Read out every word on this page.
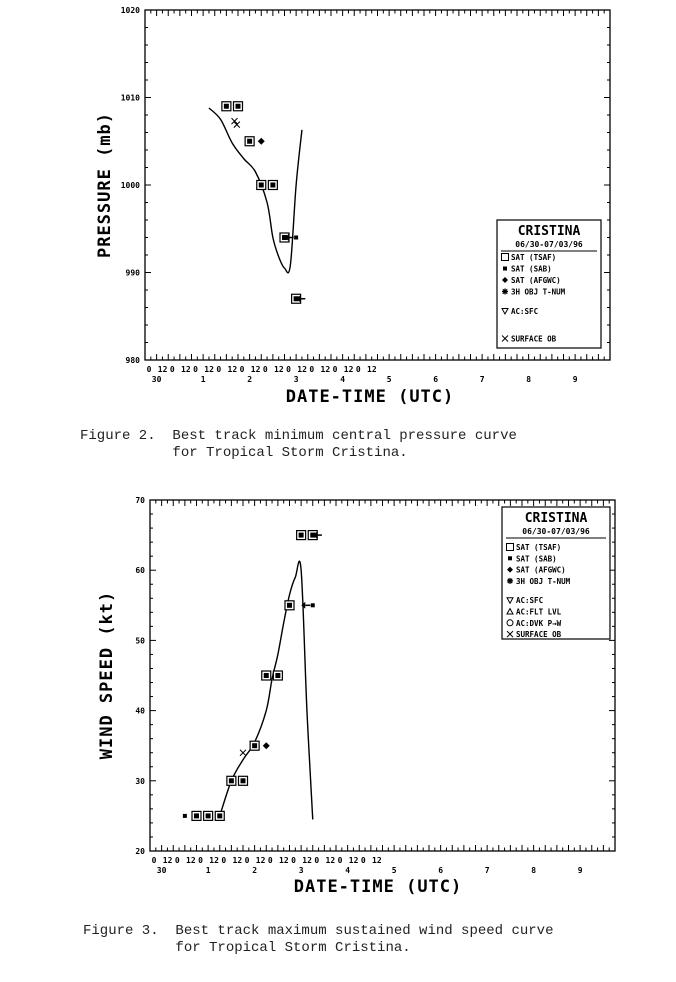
980
990
1000
1010
1020
0 12 0 12 0 12 0 12 0 12 0 12 0 12 0 12 0 12 0 12
30	1	2	3	4	5	6	7	8	9
PRESSURE (mb)
DATE-TIME (UTC)
CRISTINA
06/30-07/03/96
SAT (TSAF)
SAT (SAB)
SAT (AFGWC)
3H OBJ T-NUM
AC:SFC
SURFACE OB
Figure 2.  Best track minimum central pressure curve
for Tropical Storm Cristina.
20
30
40
50
60
70
0 12 0 12 0 12 0 12 0 12 0 12 0 12 0 12 0 12 0 12
30	1	2	3	4	5	6	7	8	9
WIND SPEED (kt)
DATE-TIME (UTC)
CRISTINA
06/30-07/03/96
SAT (TSAF)
SAT (SAB)
SAT (AFGWC)
3H OBJ T-NUM
AC:SFC
AC:FLT LVL
AC:DVK P→W
SURFACE OB
Figure 3.  Best track maximum sustained wind speed curve
for Tropical Storm Cristina.
